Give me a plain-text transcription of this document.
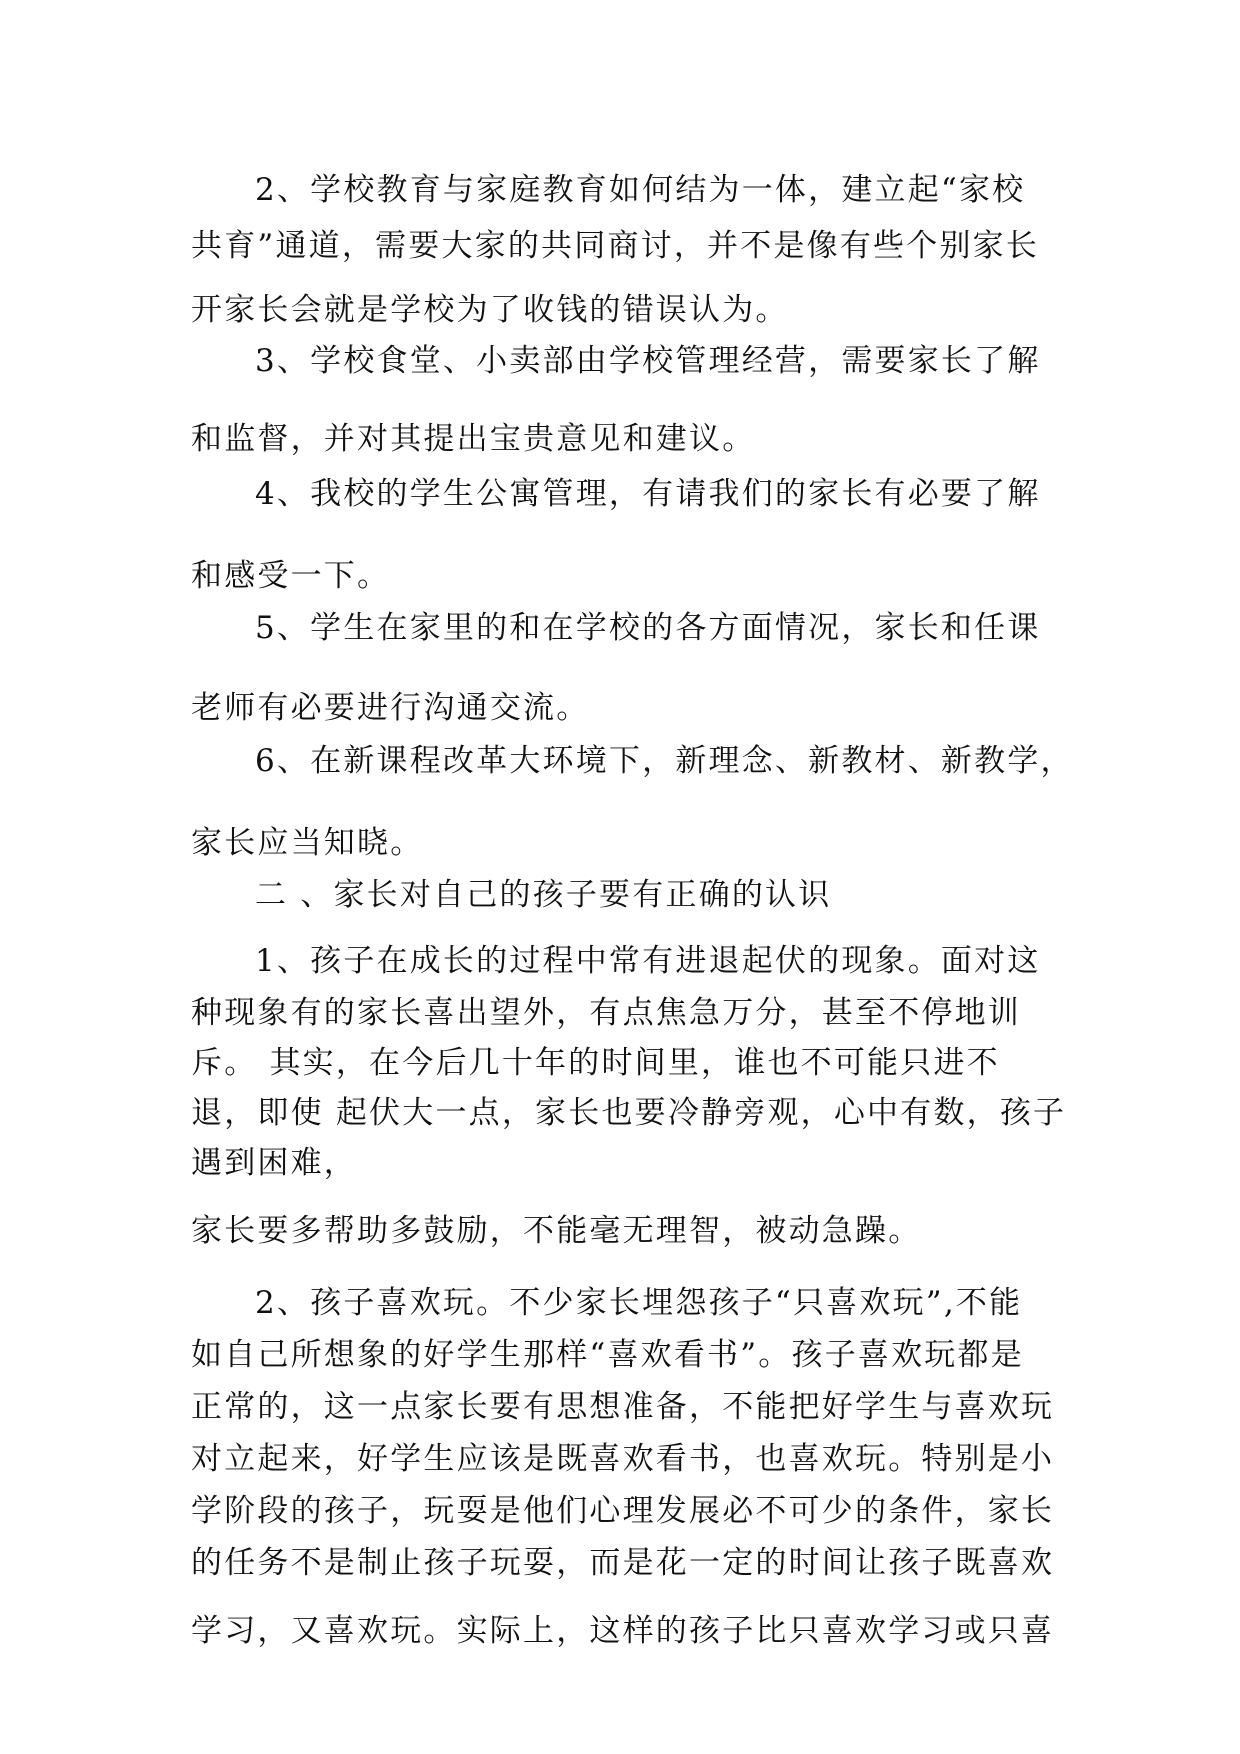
2、学校教育与家庭教育如何结为一体，建立起“家校
共育”通道，需要大家的共同商讨，并不是像有些个别家长
开家长会就是学校为了收钱的错误认为。
3、学校食堂、小卖部由学校管理经营，需要家长了解
和监督，并对其提出宝贵意见和建议。
4、我校的学生公寓管理，有请我们的家长有必要了解
和感受一下。
5、学生在家里的和在学校的各方面情况，家长和任课
老师有必要进行沟通交流。
6、在新课程改革大环境下，新理念、新教材、新教学，
家长应当知晓。
二 、家长对自己的孩子要有正确的认识
1、孩子在成长的过程中常有进退起伏的现象。面对这
种现象有的家长喜出望外，有点焦急万分，甚至不停地训
斥。 其实，在今后几十年的时间里，谁也不可能只进不
退，即使 起伏大一点，家长也要冷静旁观，心中有数，孩子
遇到困难，
家长要多帮助多鼓励，不能毫无理智，被动急躁。
2、孩子喜欢玩。不少家长埋怨孩子“只喜欢玩”,不能
如自己所想象的好学生那样“喜欢看书”。孩子喜欢玩都是
正常的，这一点家长要有思想准备，不能把好学生与喜欢玩
对立起来，好学生应该是既喜欢看书，也喜欢玩。特别是小
学阶段的孩子，玩耍是他们心理发展必不可少的条件，家长
的任务不是制止孩子玩耍，而是花一定的时间让孩子既喜欢
学习，又喜欢玩。实际上，这样的孩子比只喜欢学习或只喜
